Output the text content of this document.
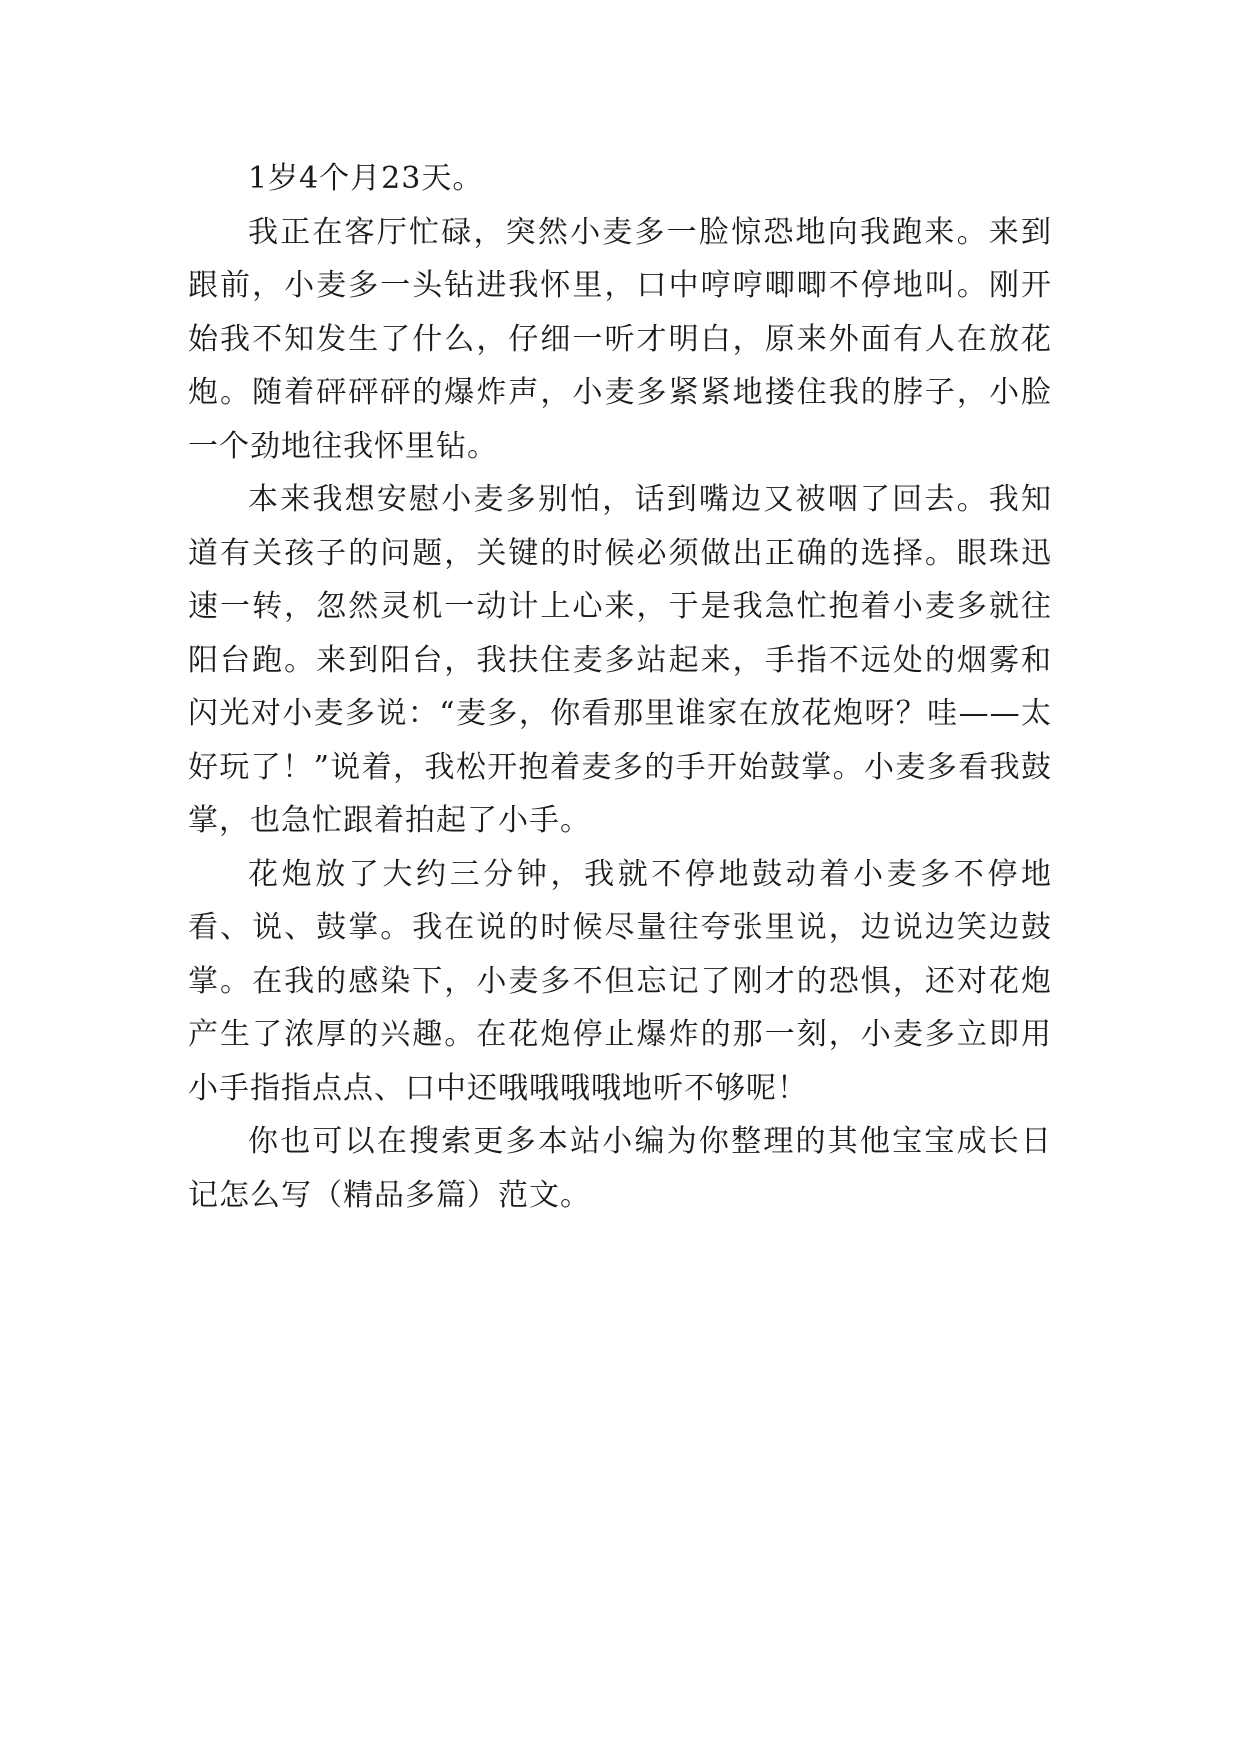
1岁4个月23天。

我正在客厅忙碌，突然小麦多一脸惊恐地向我跑来。来到跟前，小麦多一头钻进我怀里，口中哼哼唧唧不停地叫。刚开始我不知发生了什么，仔细一听才明白，原来外面有人在放花炮。随着砰砰砰的爆炸声，小麦多紧紧地搂住我的脖子，小脸一个劲地往我怀里钻。

本来我想安慰小麦多别怕，话到嘴边又被咽了回去。我知道有关孩子的问题，关键的时候必须做出正确的选择。眼珠迅速一转，忽然灵机一动计上心来，于是我急忙抱着小麦多就往阳台跑。来到阳台，我扶住麦多站起来，手指不远处的烟雾和闪光对小麦多说：“麦多，你看那里谁家在放花炮呀？哇——太好玩了！”说着，我松开抱着麦多的手开始鼓掌。小麦多看我鼓掌，也急忙跟着拍起了小手。

花炮放了大约三分钟，我就不停地鼓动着小麦多不停地看、说、鼓掌。我在说的时候尽量往夸张里说，边说边笑边鼓掌。在我的感染下，小麦多不但忘记了刚才的恐惧，还对花炮产生了浓厚的兴趣。在花炮停止爆炸的那一刻，小麦多立即用小手指指点点、口中还哦哦哦哦地听不够呢！

你也可以在搜索更多本站小编为你整理的其他宝宝成长日记怎么写（精品多篇）范文。
